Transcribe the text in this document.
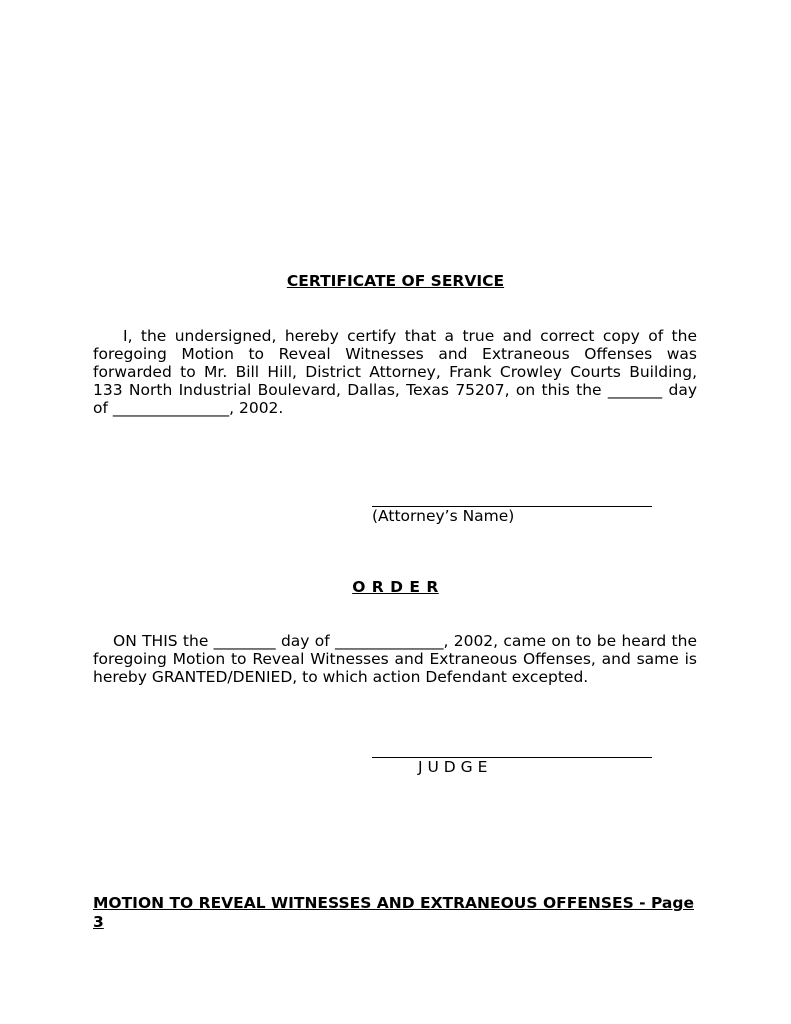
CERTIFICATE OF SERVICE
I, the undersigned, hereby certify that a true and correct copy of the foregoing Motion to Reveal Witnesses and Extraneous Offenses was forwarded to Mr. Bill Hill, District Attorney, Frank Crowley Courts Building, 133 North Industrial Boulevard, Dallas, Texas 75207, on this the _______ day of _______________, 2002.
(Attorney’s Name)
O R D E R
ON THIS the ________ day of ______________, 2002, came on to be heard the foregoing Motion to Reveal Witnesses and Extraneous Offenses, and same is hereby GRANTED/DENIED, to which action Defendant excepted.
J U D G E
MOTION TO REVEAL WITNESSES AND EXTRANEOUS OFFENSES - Page 3
